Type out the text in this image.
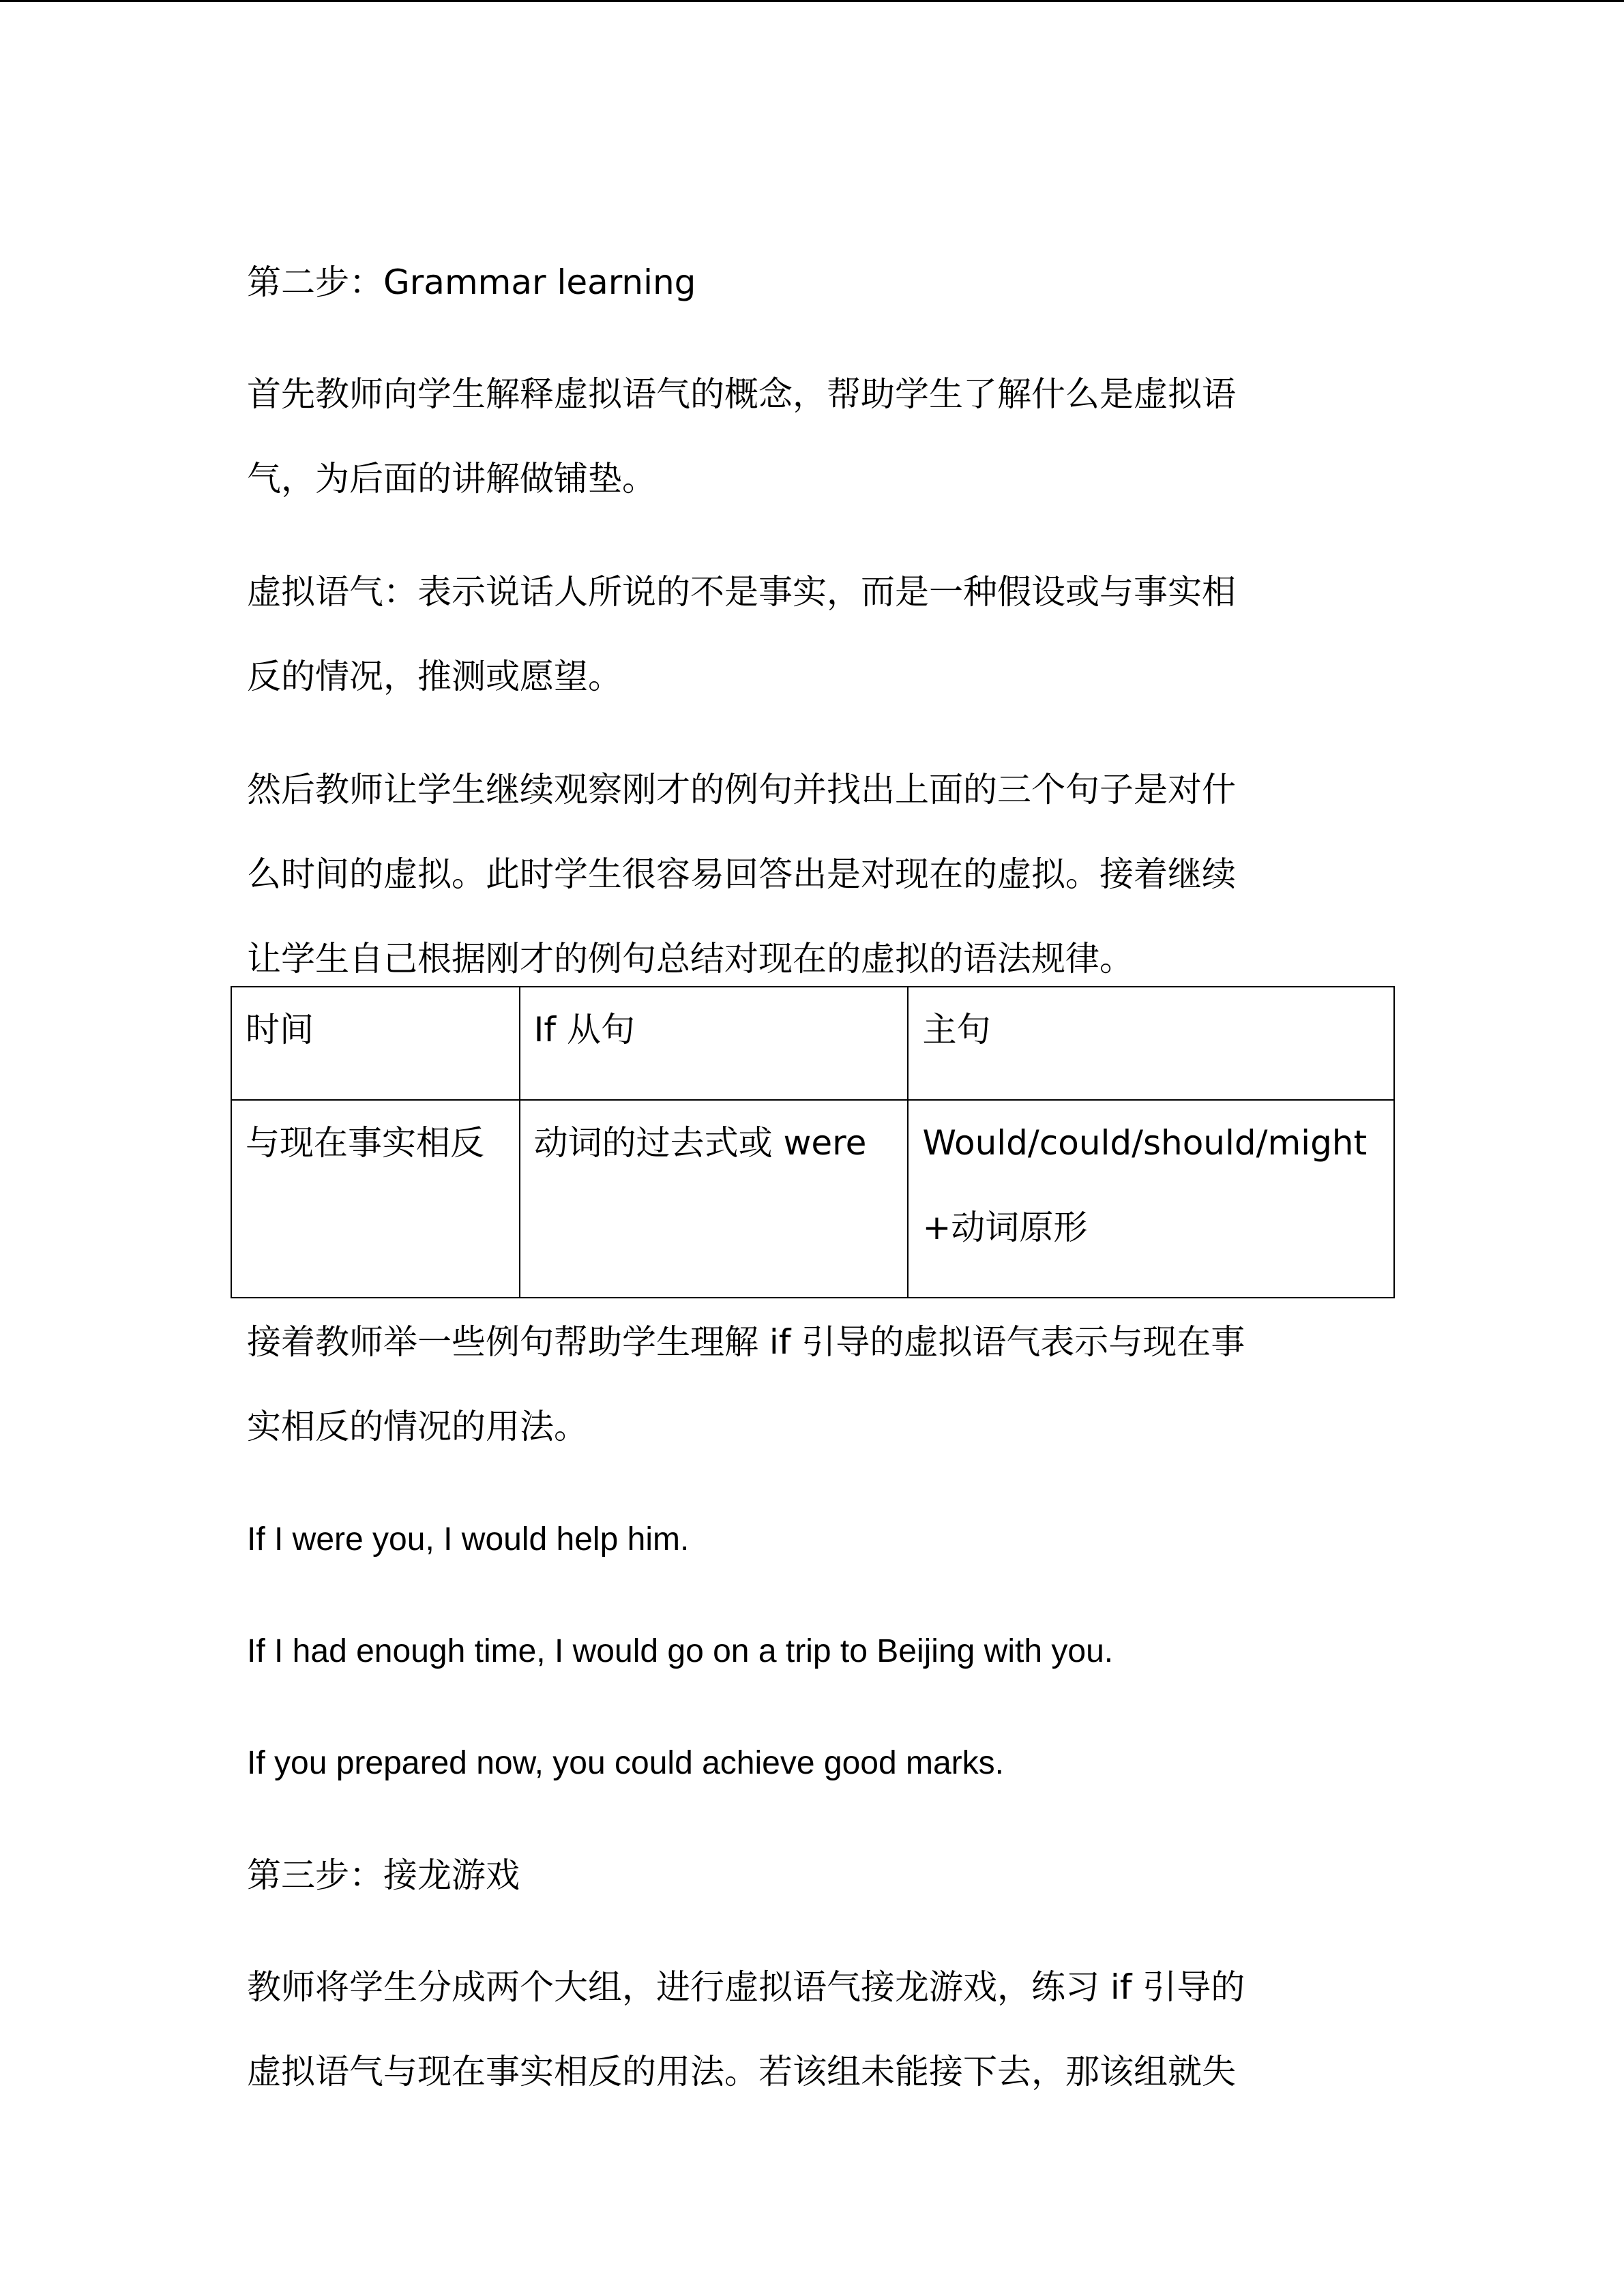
第二步：Grammar learning

首先教师向学生解释虚拟语气的概念，帮助学生了解什么是虚拟语
气，为后面的讲解做铺垫。

虚拟语气：表示说话人所说的不是事实，而是一种假设或与事实相
反的情况，推测或愿望。

然后教师让学生继续观察刚才的例句并找出上面的三个句子是对什
么时间的虚拟。此时学生很容易回答出是对现在的虚拟。接着继续
让学生自己根据刚才的例句总结对现在的虚拟的语法规律。

时间	If 从句	主句
与现在事实相反	动词的过去式或 were	Would/could/should/might
+动词原形

接着教师举一些例句帮助学生理解 if 引导的虚拟语气表示与现在事
实相反的情况的用法。

If I were you, I would help him.

If I had enough time, I would go on a trip to Beijing with you.

If you prepared now, you could achieve good marks.

第三步：接龙游戏

教师将学生分成两个大组，进行虚拟语气接龙游戏，练习 if 引导的
虚拟语气与现在事实相反的用法。若该组未能接下去，那该组就失
